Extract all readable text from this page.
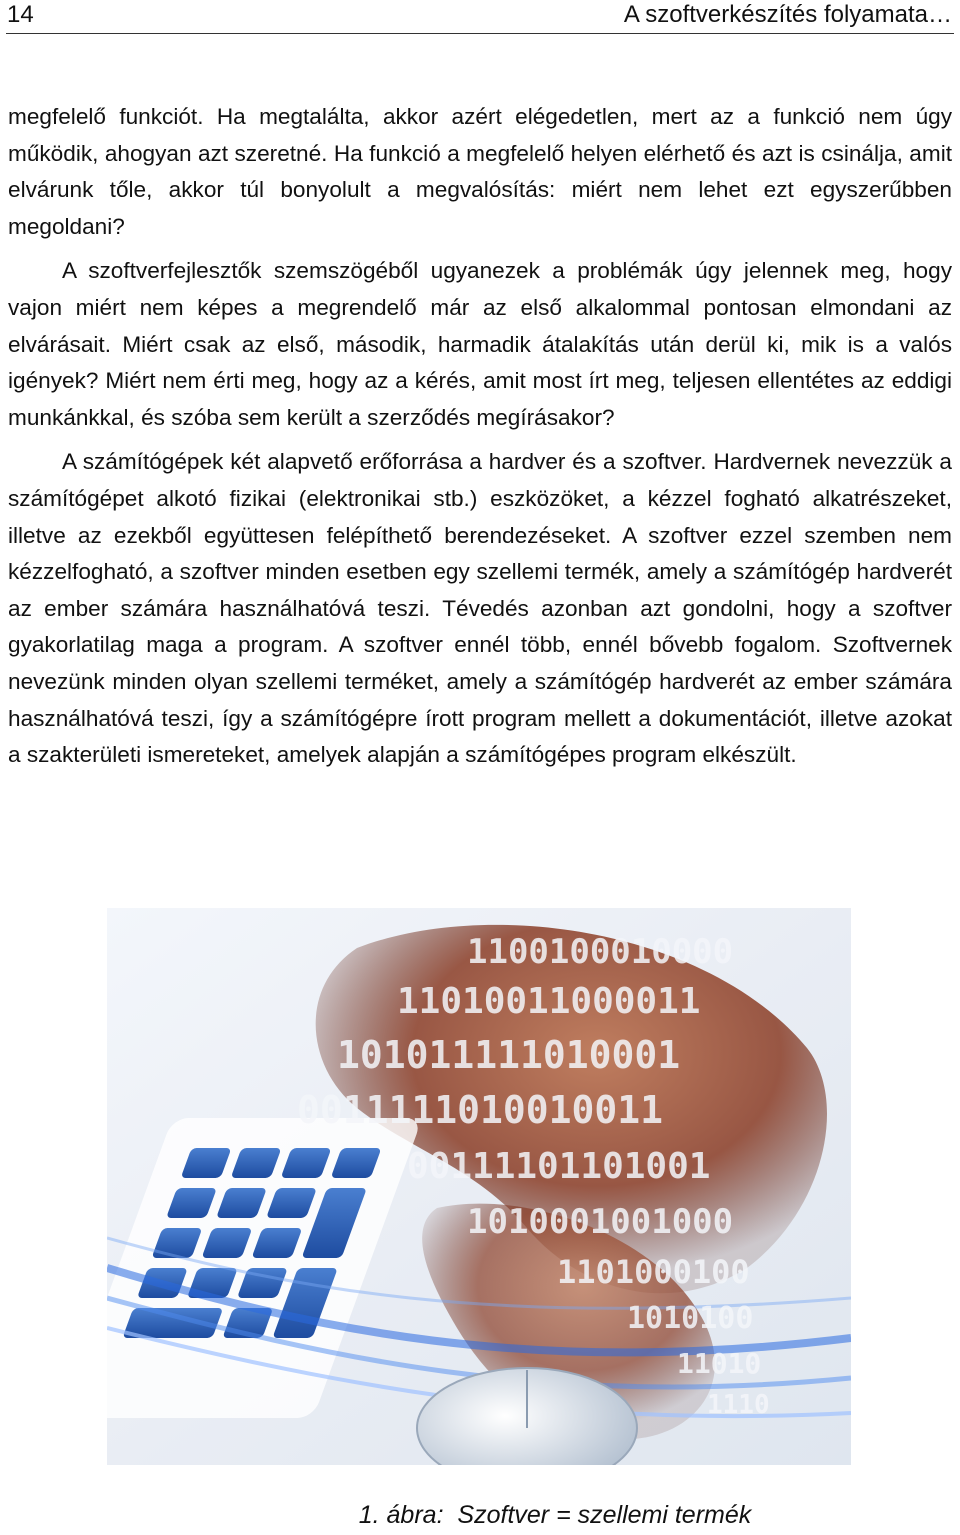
14	A szoftverkészítés folyamata…

megfelelő funkciót. Ha megtalálta, akkor azért elégedetlen, mert az a funkció nem úgy működik, ahogyan azt szeretné. Ha funkció a megfelelő helyen elérhető és azt is csinálja, amit elvárunk tőle, akkor túl bonyolult a megvalósítás: miért nem lehet ezt egyszerűbben megoldani?

A szoftverfejlesztők szemszögéből ugyanezek a problémák úgy jelennek meg, hogy vajon miért nem képes a megrendelő már az első alkalommal pontosan elmondani az elvárásait. Miért csak az első, második, harmadik átalakítás után derül ki, mik is a valós igények? Miért nem érti meg, hogy az a kérés, amit most írt meg, teljesen ellentétes az eddigi munkánkkal, és szóba sem került a szerződés megírásakor?

A számítógépek két alapvető erőforrása a hardver és a szoftver. Hardvernek nevezzük a számítógépet alkotó fizikai (elektronikai stb.) eszközöket, a kézzel fogható alkatrészeket, illetve az ezekből együttesen felépíthető berendezéseket. A szoftver ezzel szemben nem kézzelfogható, a szoftver minden esetben egy szellemi termék, amely a számítógép hardverét az ember számára használhatóvá teszi. Tévedés azonban azt gondolni, hogy a szoftver gyakorlatilag maga a program. A szoftver ennél több, ennél bővebb fogalom. Szoftvernek nevezünk minden olyan szellemi terméket, amely a számítógép hardverét az ember számára használhatóvá teszi, így a számítógépre írott program mellett a dokumentációt, illetve azokat a szakterületi ismereteket, amelyek alapján a számítógépes program elkészült.

1100100010000
11010011000011
101011111010001
0011111010010011
00111101101001
1010001001000
1101000100
1010100
11010
1110
1. ábra: Szoftver = szellemi termék
